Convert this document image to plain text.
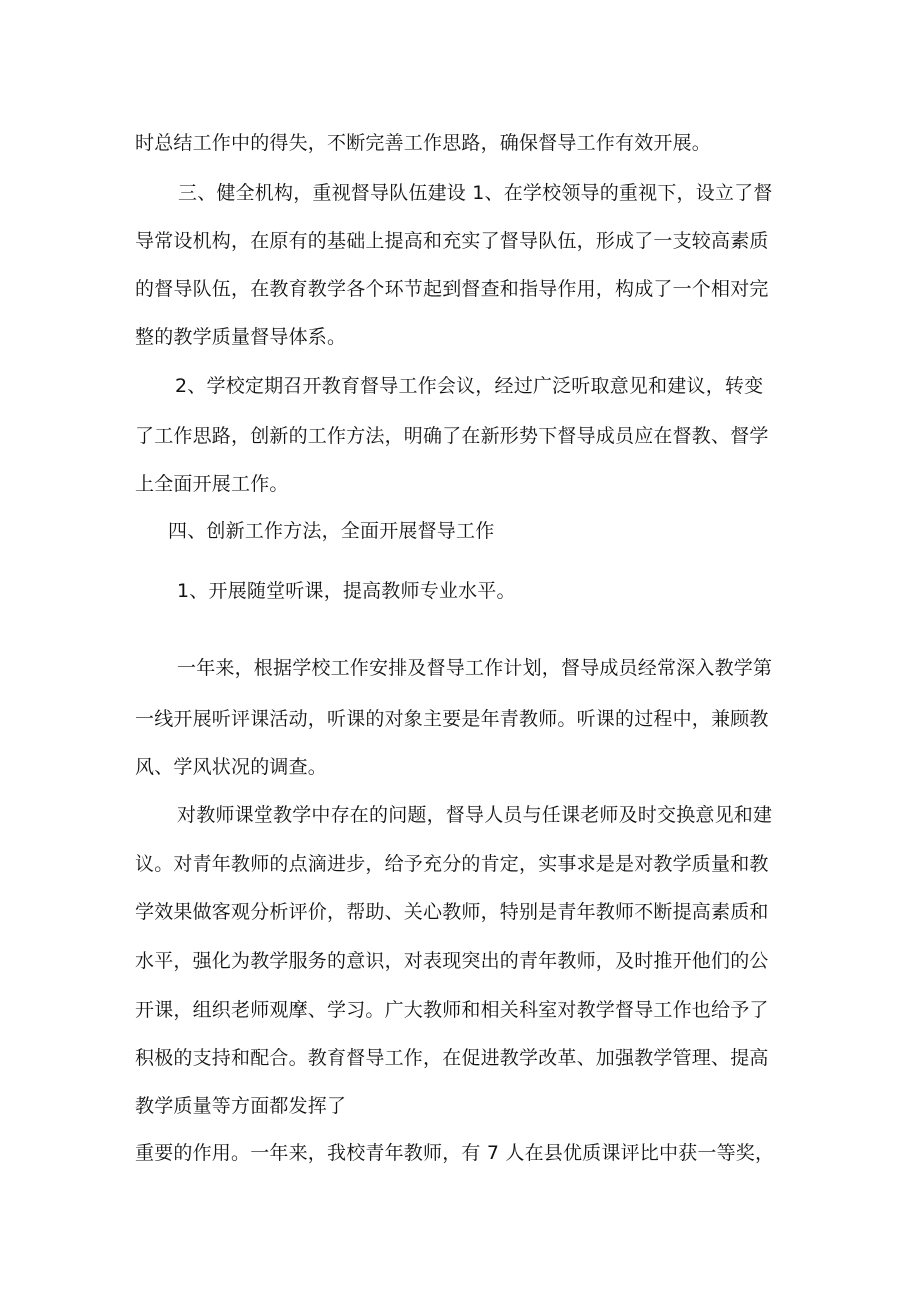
时总结工作中的得失，不断完善工作思路，确保督导工作有效开展。
三、健全机构，重视督导队伍建设 1、在学校领导的重视下，设立了督
导常设机构，在原有的基础上提高和充实了督导队伍，形成了一支较高素质
的督导队伍，在教育教学各个环节起到督查和指导作用，构成了一个相对完
整的教学质量督导体系。
2、学校定期召开教育督导工作会议，经过广泛听取意见和建议，转变
了工作思路，创新的工作方法，明确了在新形势下督导成员应在督教、督学
上全面开展工作。
四、创新工作方法，全面开展督导工作
1、开展随堂听课，提高教师专业水平。
一年来，根据学校工作安排及督导工作计划，督导成员经常深入教学第
一线开展听评课活动，听课的对象主要是年青教师。听课的过程中，兼顾教
风、学风状况的调查。
对教师课堂教学中存在的问题，督导人员与任课老师及时交换意见和建
议。对青年教师的点滴进步，给予充分的肯定，实事求是是对教学质量和教
学效果做客观分析评价，帮助、关心教师，特别是青年教师不断提高素质和
水平，强化为教学服务的意识，对表现突出的青年教师，及时推开他们的公
开课，组织老师观摩、学习。广大教师和相关科室对教学督导工作也给予了
积极的支持和配合。教育督导工作，在促进教学改革、加强教学管理、提高
教学质量等方面都发挥了
重要的作用。一年来，我校青年教师，有 7 人在县优质课评比中获一等奖，
